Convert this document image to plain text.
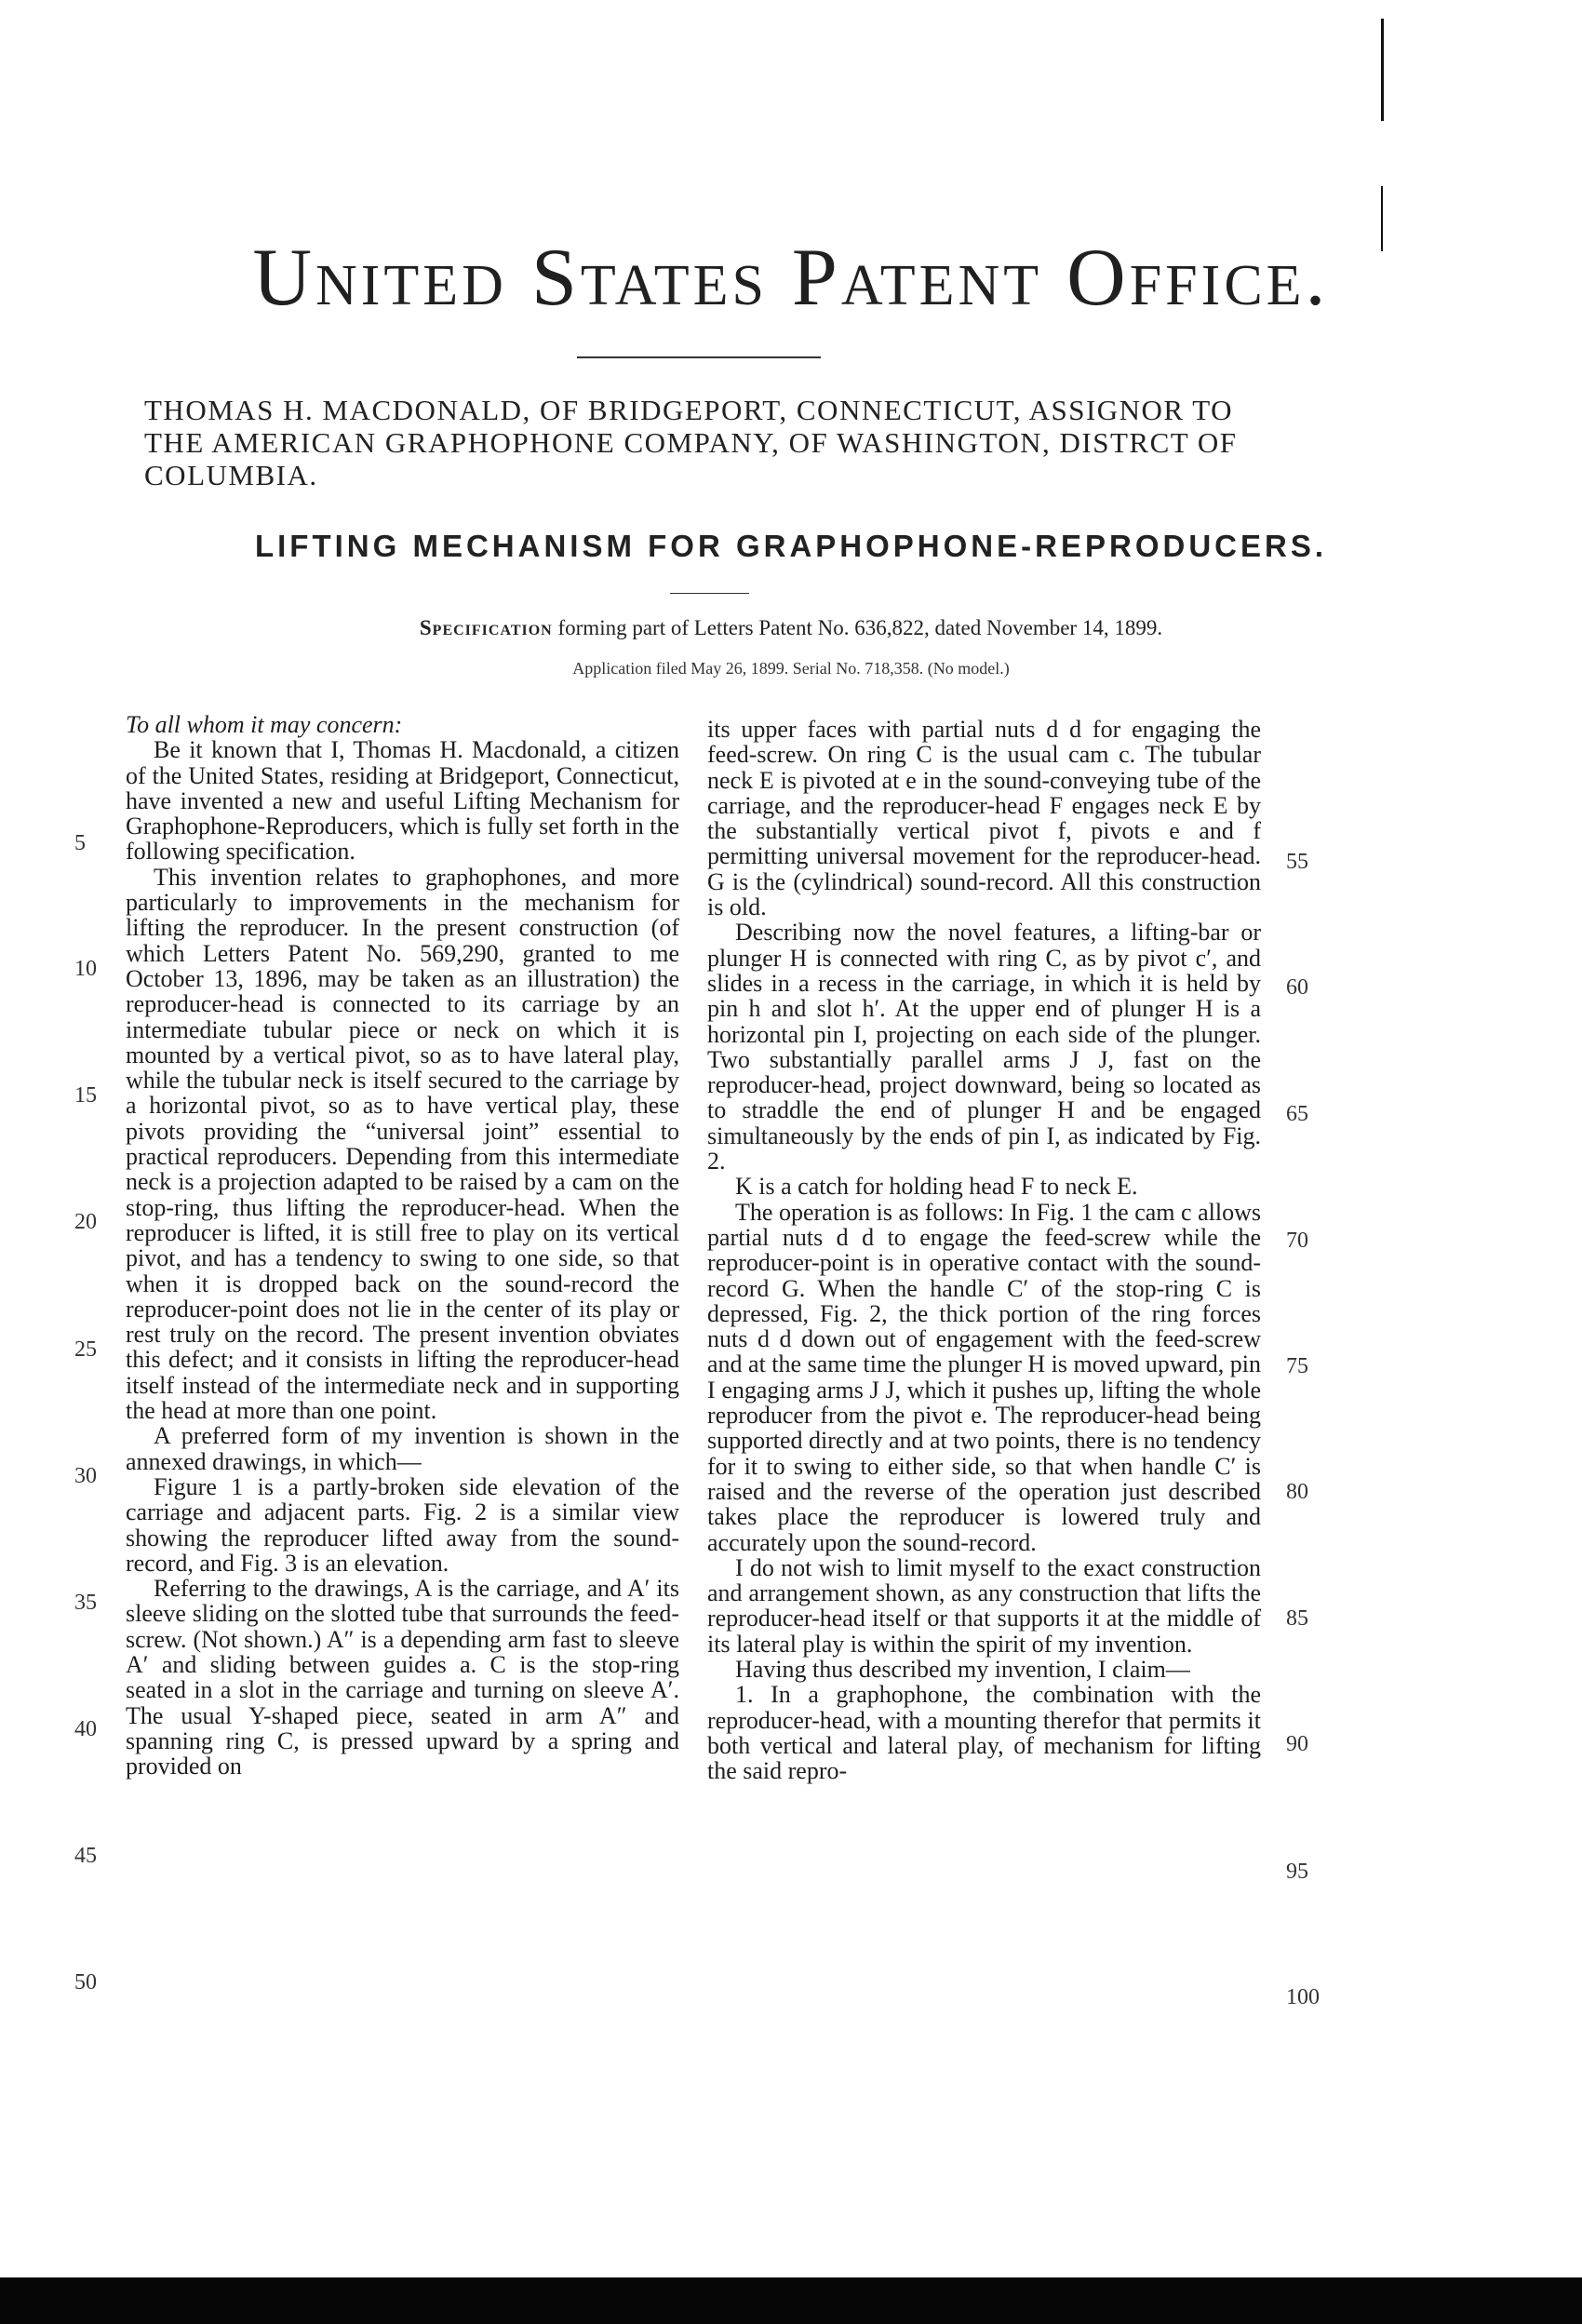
United States Patent Office.
THOMAS H. MACDONALD, OF BRIDGEPORT, CONNECTICUT, ASSIGNOR TO THE AMERICAN GRAPHOPHONE COMPANY, OF WASHINGTON, DISTRCT OF COLUMBIA.
LIFTING MECHANISM FOR GRAPHOPHONE-REPRODUCERS.
Specification forming part of Letters Patent No. 636,822, dated November 14, 1899.
Application filed May 26, 1899. Serial No. 718,358. (No model.)

To all whom it may concern:

Be it known that I, Thomas H. Macdonald, a citizen of the United States, residing at Bridgeport, Connecticut, have invented a new and useful Lifting Mechanism for Graphophone-Reproducers, which is fully set forth in the following specification.

This invention relates to graphophones, and more particularly to improvements in the mechanism for lifting the reproducer. In the present construction (of which Letters Patent No. 569,290, granted to me October 13, 1896, may be taken as an illustration) the reproducer-head is connected to its carriage by an intermediate tubular piece or neck on which it is mounted by a vertical pivot, so as to have lateral play, while the tubular neck is itself secured to the carriage by a horizontal pivot, so as to have vertical play, these pivots providing the “universal joint” essential to practical reproducers. Depending from this intermediate neck is a projection adapted to be raised by a cam on the stop-ring, thus lifting the reproducer-head. When the reproducer is lifted, it is still free to play on its vertical pivot, and has a tendency to swing to one side, so that when it is dropped back on the sound-record the reproducer-point does not lie in the center of its play or rest truly on the record. The present invention obviates this defect; and it consists in lifting the reproducer-head itself instead of the intermediate neck and in supporting the head at more than one point.

A preferred form of my invention is shown in the annexed drawings, in which—

Figure 1 is a partly-broken side elevation of the carriage and adjacent parts. Fig. 2 is a similar view showing the reproducer lifted away from the sound-record, and Fig. 3 is an elevation.

Referring to the drawings, A is the carriage, and A′ its sleeve sliding on the slotted tube that surrounds the feed-screw. (Not shown.) A″ is a depending arm fast to sleeve A′ and sliding between guides a. C is the stop-ring seated in a slot in the carriage and turning on sleeve A′. The usual Y-shaped piece, seated in arm A″ and spanning ring C, is pressed upward by a spring and provided on

its upper faces with partial nuts d d for engaging the feed-screw. On ring C is the usual cam c. The tubular neck E is pivoted at e in the sound-conveying tube of the carriage, and the reproducer-head F engages neck E by the substantially vertical pivot f, pivots e and f permitting universal movement for the reproducer-head. G is the (cylindrical) sound-record. All this construction is old.

Describing now the novel features, a lifting-bar or plunger H is connected with ring C, as by pivot c′, and slides in a recess in the carriage, in which it is held by pin h and slot h′. At the upper end of plunger H is a horizontal pin I, projecting on each side of the plunger. Two substantially parallel arms J J, fast on the reproducer-head, project downward, being so located as to straddle the end of plunger H and be engaged simultaneously by the ends of pin I, as indicated by Fig. 2.

K is a catch for holding head F to neck E.

The operation is as follows: In Fig. 1 the cam c allows partial nuts d d to engage the feed-screw while the reproducer-point is in operative contact with the sound-record G. When the handle C′ of the stop-ring C is depressed, Fig. 2, the thick portion of the ring forces nuts d d down out of engagement with the feed-screw and at the same time the plunger H is moved upward, pin I engaging arms J J, which it pushes up, lifting the whole reproducer from the pivot e. The reproducer-head being supported directly and at two points, there is no tendency for it to swing to either side, so that when handle C′ is raised and the reverse of the operation just described takes place the reproducer is lowered truly and accurately upon the sound-record.

I do not wish to limit myself to the exact construction and arrangement shown, as any construction that lifts the reproducer-head itself or that supports it at the middle of its lateral play is within the spirit of my invention.

Having thus described my invention, I claim—

1. In a graphophone, the combination with the reproducer-head, with a mounting therefor that permits it both vertical and lateral play, of mechanism for lifting the said repro-

5
10
15
20
25
30
35
40
45
50
55
60
65
70
75
80
85
90
95
100
